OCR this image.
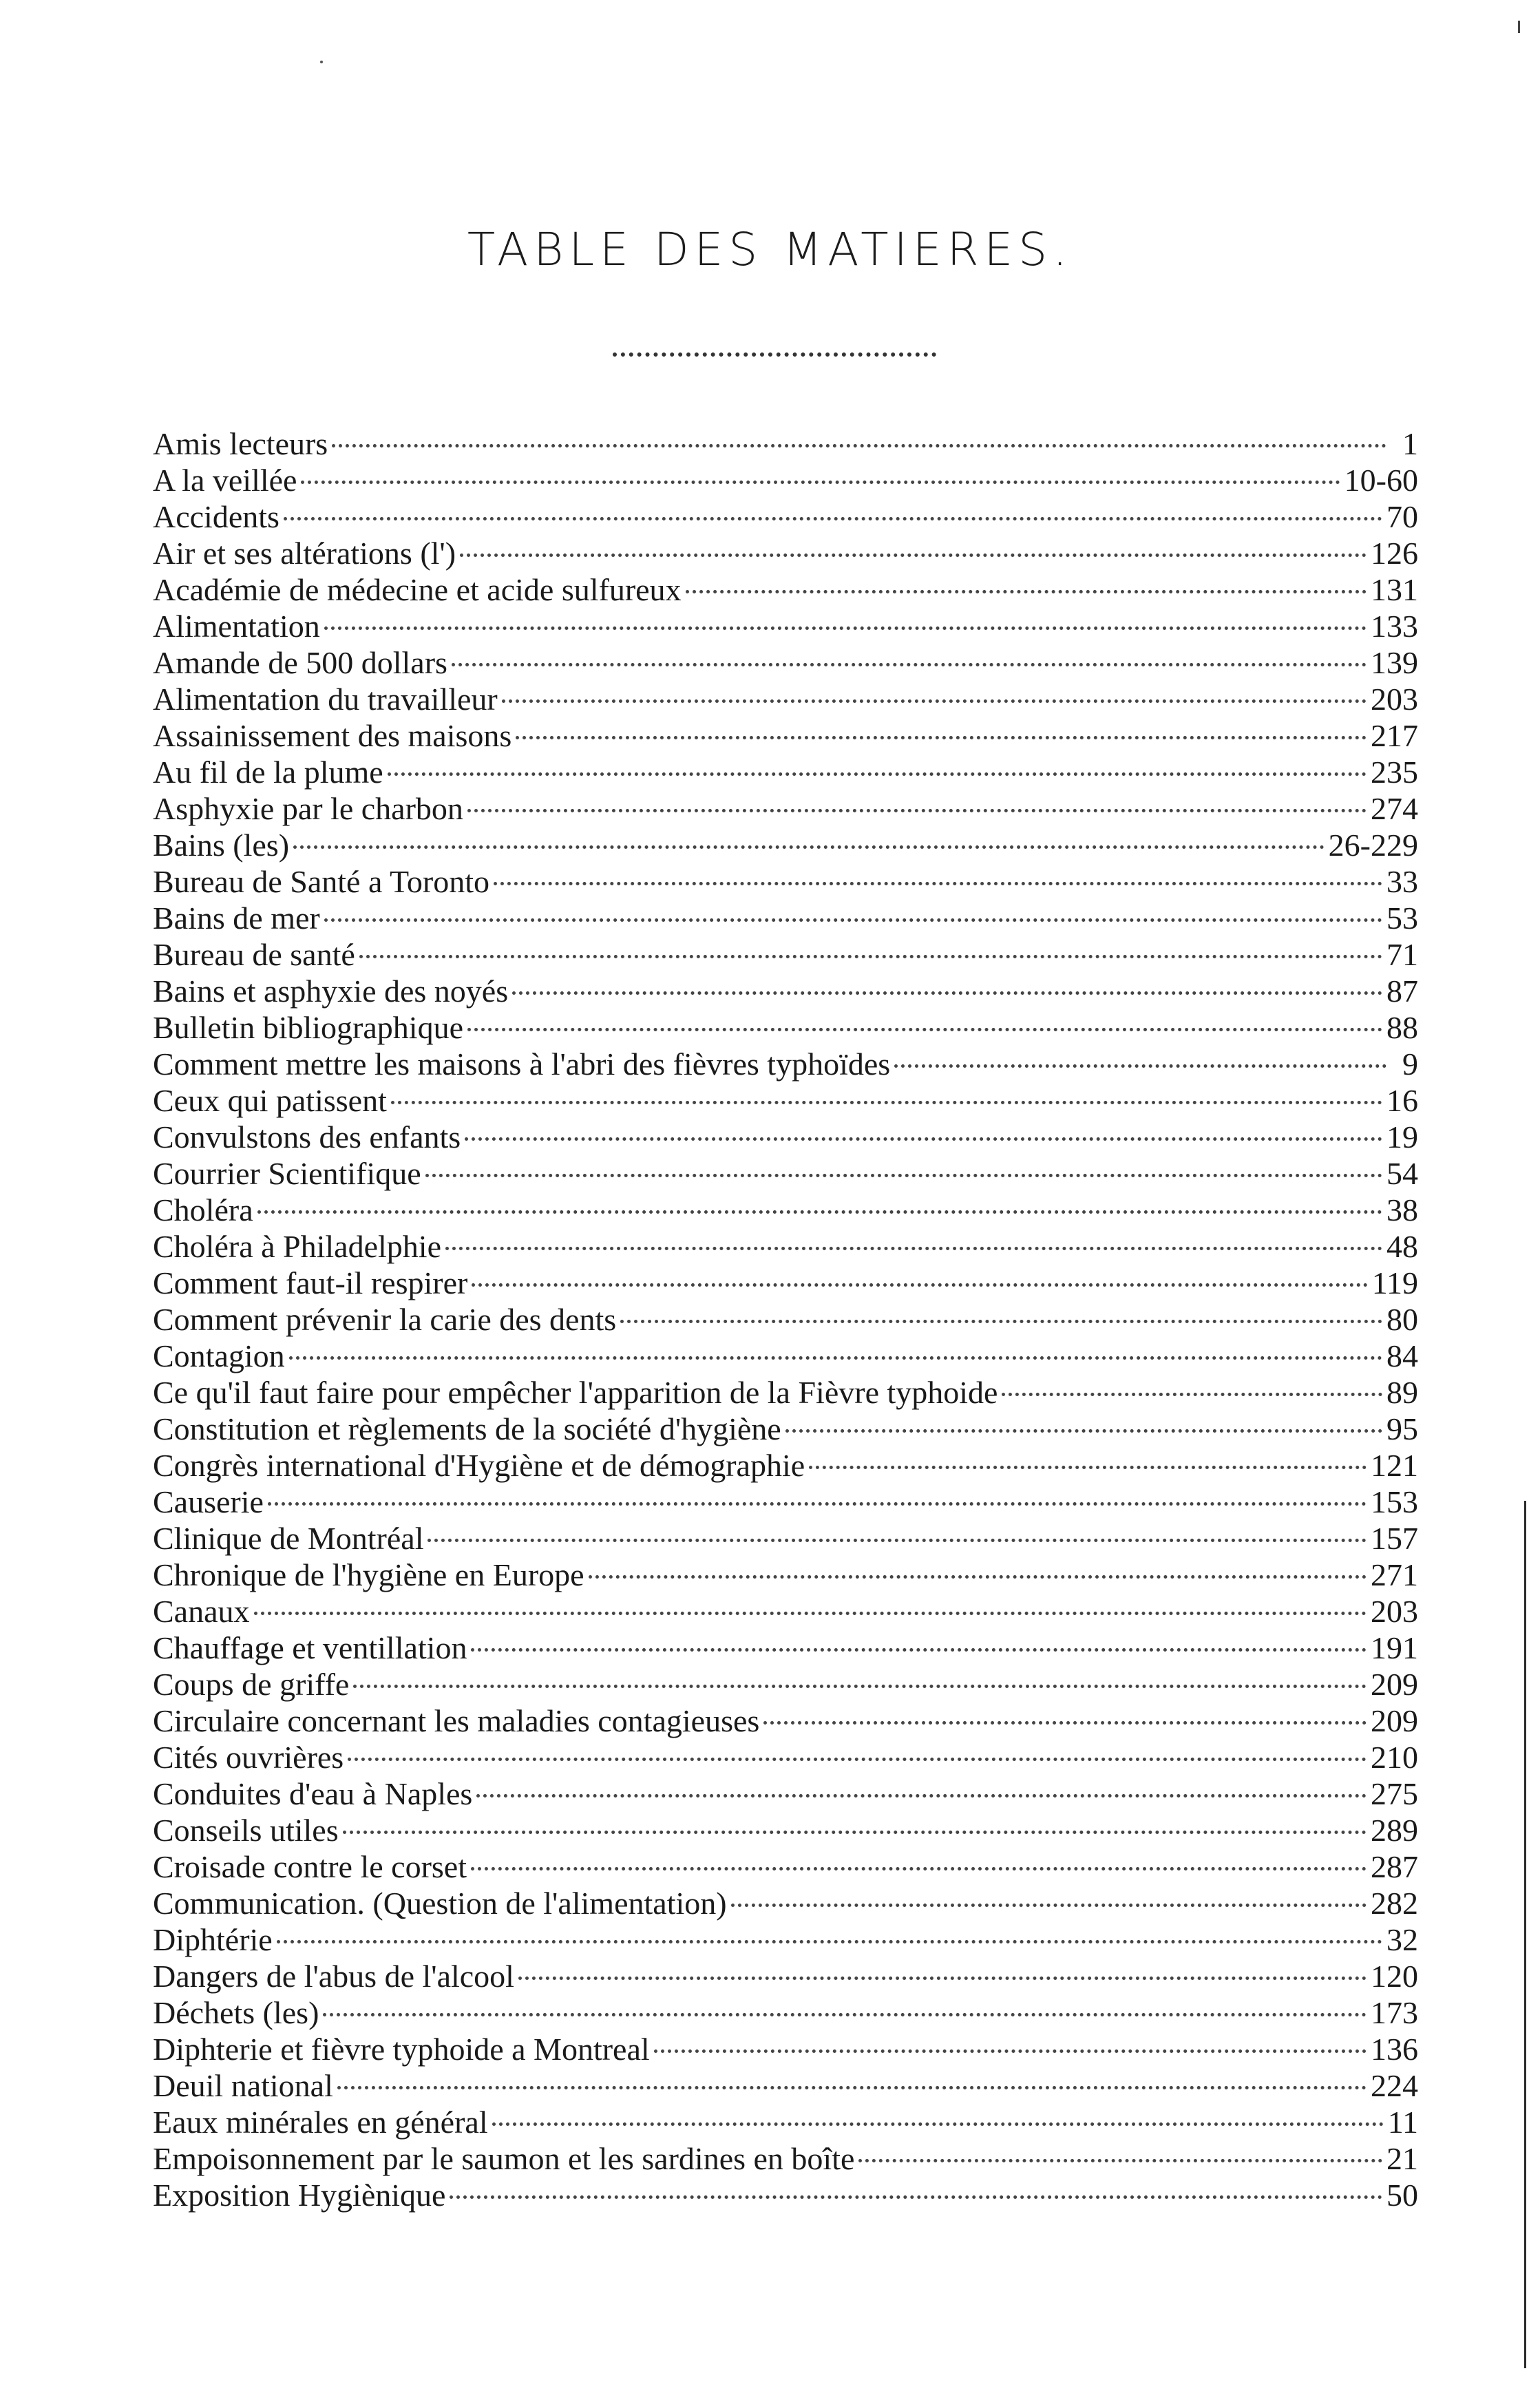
TABLE DES MATIERES.
Amis lecteurs	1
A la veillée	10-60
Accidents	70
Air et ses altérations (l')	126
Académie de médecine et acide sulfureux	131
Alimentation	133
Amande de 500 dollars	139
Alimentation du travailleur	203
Assainissement des maisons	217
Au fil de la plume	235
Asphyxie par le charbon	274
Bains (les)	26-229
Bureau de Santé a Toronto	33
Bains de mer	53
Bureau de santé	71
Bains et asphyxie des noyés	87
Bulletin bibliographique	88
Comment mettre les maisons à l'abri des fièvres typhoïdes	9
Ceux qui patissent	16
Convulstons des enfants	19
Courrier Scientifique	54
Choléra	38
Choléra à Philadelphie	48
Comment faut-il respirer	119
Comment prévenir la carie des dents	80
Contagion	84
Ce qu'il faut faire pour empêcher l'apparition de la Fièvre typhoide	89
Constitution et règlements de la société d'hygiène	95
Congrès international d'Hygiène et de démographie	121
Causerie	153
Clinique de Montréal	157
Chronique de l'hygiène en Europe	271
Canaux	203
Chauffage et ventillation	191
Coups de griffe	209
Circulaire concernant les maladies contagieuses	209
Cités ouvrières	210
Conduites d'eau à Naples	275
Conseils utiles	289
Croisade contre le corset	287
Communication. (Question de l'alimentation)	282
Diphtérie	32
Dangers de l'abus de l'alcool	120
Déchets (les)	173
Diphterie et fièvre typhoide a Montreal	136
Deuil national	224
Eaux minérales en général	11
Empoisonnement par le saumon et les sardines en boîte	21
Exposition Hygiènique	50
